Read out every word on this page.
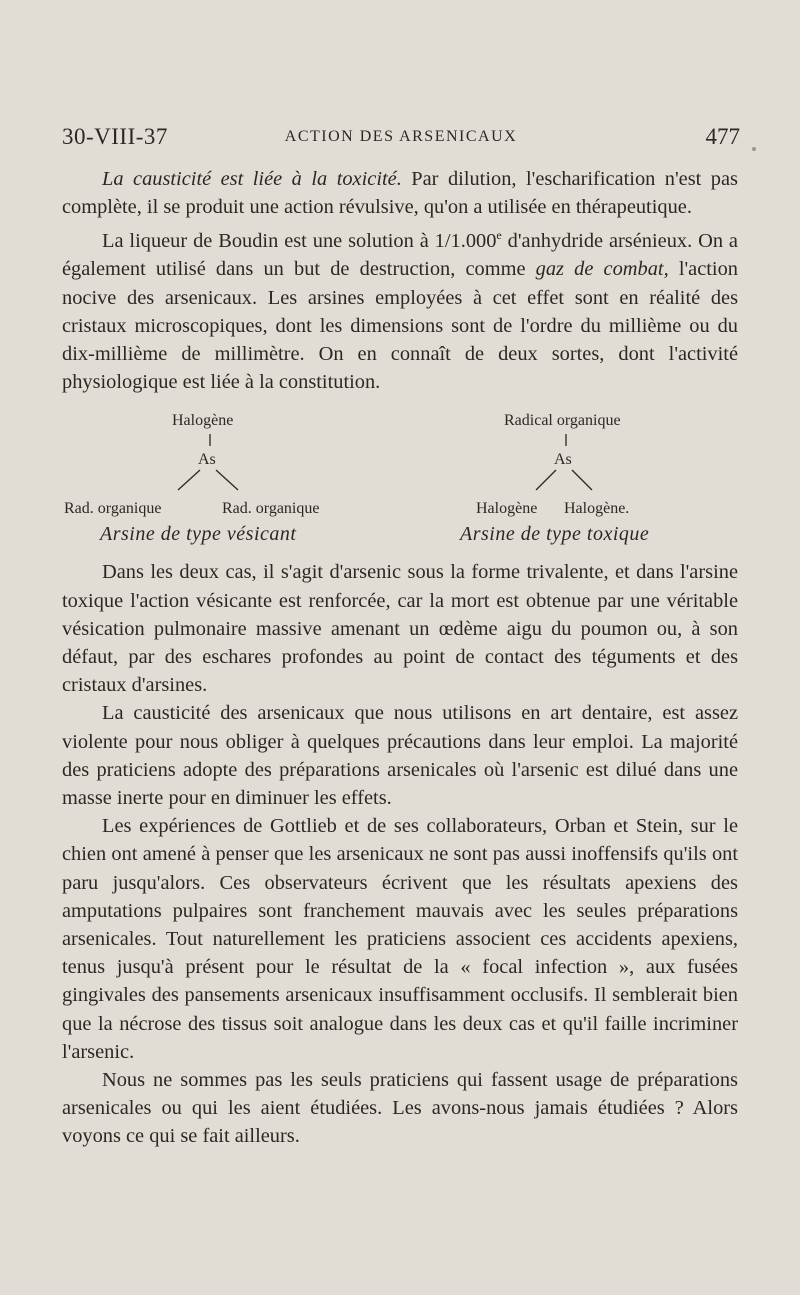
30-VIII-37	ACTION DES ARSENICAUX	477

La causticité est liée à la toxicité. Par dilution, l'escharification n'est pas complète, il se produit une action révulsive, qu'on a utilisée en thérapeutique.

La liqueur de Boudin est une solution à 1/1.000e d'anhydride arsénieux. On a également utilisé dans un but de destruction, comme gaz de combat, l'action nocive des arsenicaux. Les arsines employées à cet effet sont en réalité des cristaux microscopiques, dont les dimensions sont de l'ordre du millième ou du dix-millième de millimètre. On en connaît de deux sortes, dont l'activité physiologique est liée à la constitution.

Halogène
As
Rad. organique	Rad. organique
Arsine de type vésicant
Radical organique
As
Halogène Halogène.
Arsine de type toxique

Dans les deux cas, il s'agit d'arsenic sous la forme trivalente, et dans l'arsine toxique l'action vésicante est renforcée, car la mort est obtenue par une véritable vésication pulmonaire massive amenant un œdème aigu du poumon ou, à son défaut, par des eschares profondes au point de contact des téguments et des cristaux d'arsines.

La causticité des arsenicaux que nous utilisons en art dentaire, est assez violente pour nous obliger à quelques précautions dans leur emploi. La majorité des praticiens adopte des préparations arsenicales où l'arsenic est dilué dans une masse inerte pour en diminuer les effets.

Les expériences de Gottlieb et de ses collaborateurs, Orban et Stein, sur le chien ont amené à penser que les arsenicaux ne sont pas aussi inoffensifs qu'ils ont paru jusqu'alors. Ces observateurs écrivent que les résultats apexiens des amputations pulpaires sont franchement mauvais avec les seules préparations arsenicales. Tout naturellement les praticiens associent ces accidents apexiens, tenus jusqu'à présent pour le résultat de la « focal infection », aux fusées gingivales des pansements arsenicaux insuffisamment occlusifs. Il semblerait bien que la nécrose des tissus soit analogue dans les deux cas et qu'il faille incriminer l'arsenic.

Nous ne sommes pas les seuls praticiens qui fassent usage de préparations arsenicales ou qui les aient étudiées. Les avons-nous jamais étudiées ? Alors voyons ce qui se fait ailleurs.
